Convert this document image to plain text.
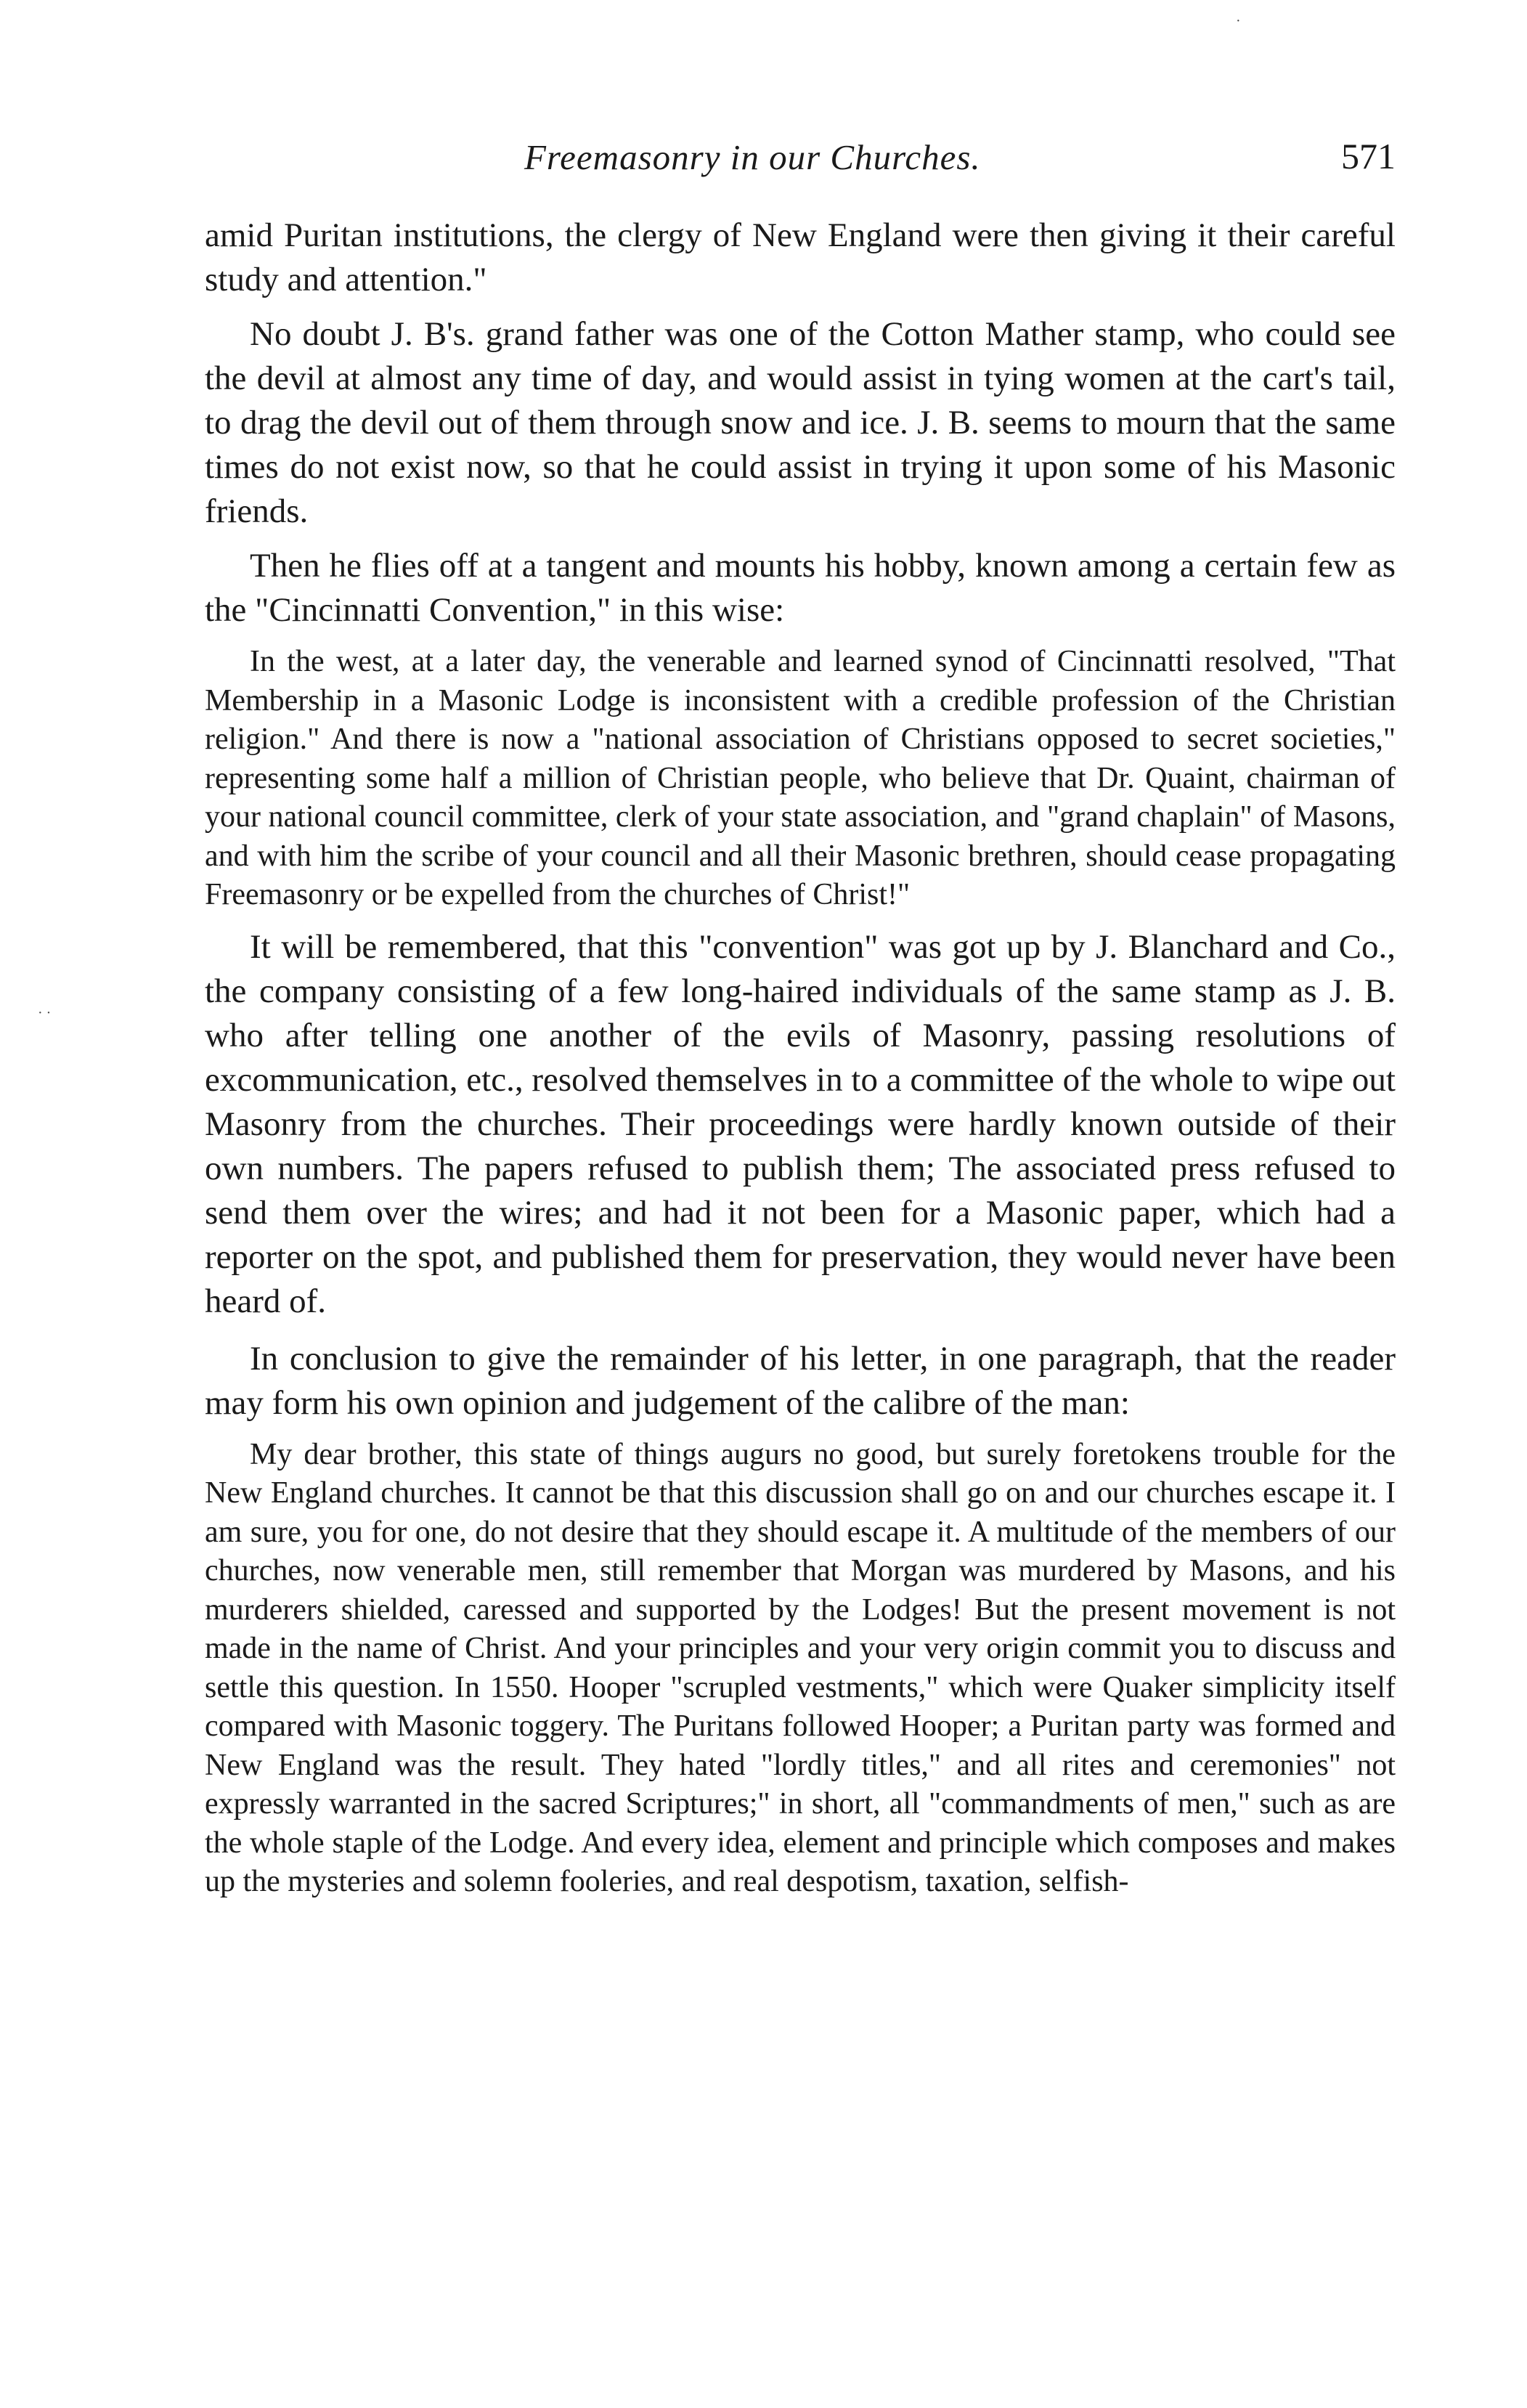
·
· ·
Freemasonry in our Churches.	571

amid Puritan institutions, the clergy of New England were then giving it their careful study and attention."

No doubt J. B's. grand father was one of the Cotton Mather stamp, who could see the devil at almost any time of day, and would assist in tying women at the cart's tail, to drag the devil out of them through snow and ice. J. B. seems to mourn that the same times do not exist now, so that he could assist in trying it upon some of his Masonic friends.

Then he flies off at a tangent and mounts his hobby, known among a certain few as the "Cincinnatti Convention," in this wise:

In the west, at a later day, the venerable and learned synod of Cincinnatti resolved, "That Membership in a Masonic Lodge is inconsistent with a credible profession of the Christian religion." And there is now a "national association of Christians opposed to secret societies," representing some half a million of Christian people, who believe that Dr. Quaint, chairman of your national council committee, clerk of your state association, and "grand chaplain" of Masons, and with him the scribe of your council and all their Masonic brethren, should cease propagating Freemasonry or be expelled from the churches of Christ!"

It will be remembered, that this "convention" was got up by J. Blanchard and Co., the company consisting of a few long-haired individuals of the same stamp as J. B. who after telling one another of the evils of Masonry, passing resolutions of excommunication, etc., resolved themselves in to a committee of the whole to wipe out Masonry from the churches. Their proceedings were hardly known outside of their own numbers. The papers refused to publish them; The associated press refused to send them over the wires; and had it not been for a Masonic paper, which had a reporter on the spot, and published them for preservation, they would never have been heard of.

In conclusion to give the remainder of his letter, in one paragraph, that the reader may form his own opinion and judgement of the calibre of the man:

My dear brother, this state of things augurs no good, but surely foretokens trouble for the New England churches. It cannot be that this discussion shall go on and our churches escape it. I am sure, you for one, do not desire that they should escape it. A multitude of the members of our churches, now venerable men, still remember that Morgan was murdered by Masons, and his murderers shielded, caressed and supported by the Lodges! But the present movement is not made in the name of Christ. And your principles and your very origin commit you to discuss and settle this question. In 1550. Hooper "scrupled vestments," which were Quaker simplicity itself compared with Masonic toggery. The Puritans followed Hooper; a Puritan party was formed and New England was the result. They hated "lordly titles," and all rites and ceremonies" not expressly warranted in the sacred Scriptures;" in short, all "commandments of men," such as are the whole staple of the Lodge. And every idea, element and principle which composes and makes up the mysteries and solemn fooleries, and real despotism, taxation, selfish-
